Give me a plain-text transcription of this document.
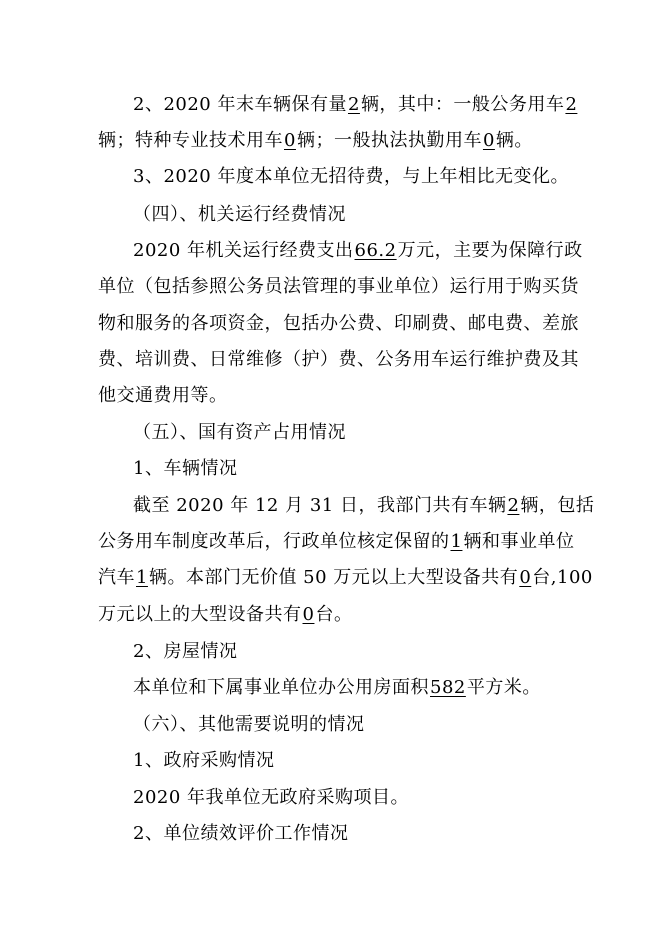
2、2020 年末车辆保有量2辆，其中：一般公务用车2
辆；特种专业技术用车0辆；一般执法执勤用车0辆。
3、2020 年度本单位无招待费，与上年相比无变化。
（四）、机关运行经费情况
2020 年机关运行经费支出66.2万元，主要为保障行政
单位（包括参照公务员法管理的事业单位）运行用于购买货
物和服务的各项资金，包括办公费、印刷费、邮电费、差旅
费、培训费、日常维修（护）费、公务用车运行维护费及其
他交通费用等。
（五）、国有资产占用情况
1、车辆情况
截至 2020 年 12 月 31 日，我部门共有车辆2辆，包括
公务用车制度改革后，行政单位核定保留的1辆和事业单位
汽车1辆。本部门无价值 50 万元以上大型设备共有0台,100
万元以上的大型设备共有0台。
2、房屋情况
本单位和下属事业单位办公用房面积582平方米。
（六）、其他需要说明的情况
1、政府采购情况
2020 年我单位无政府采购项目。
2、单位绩效评价工作情况
